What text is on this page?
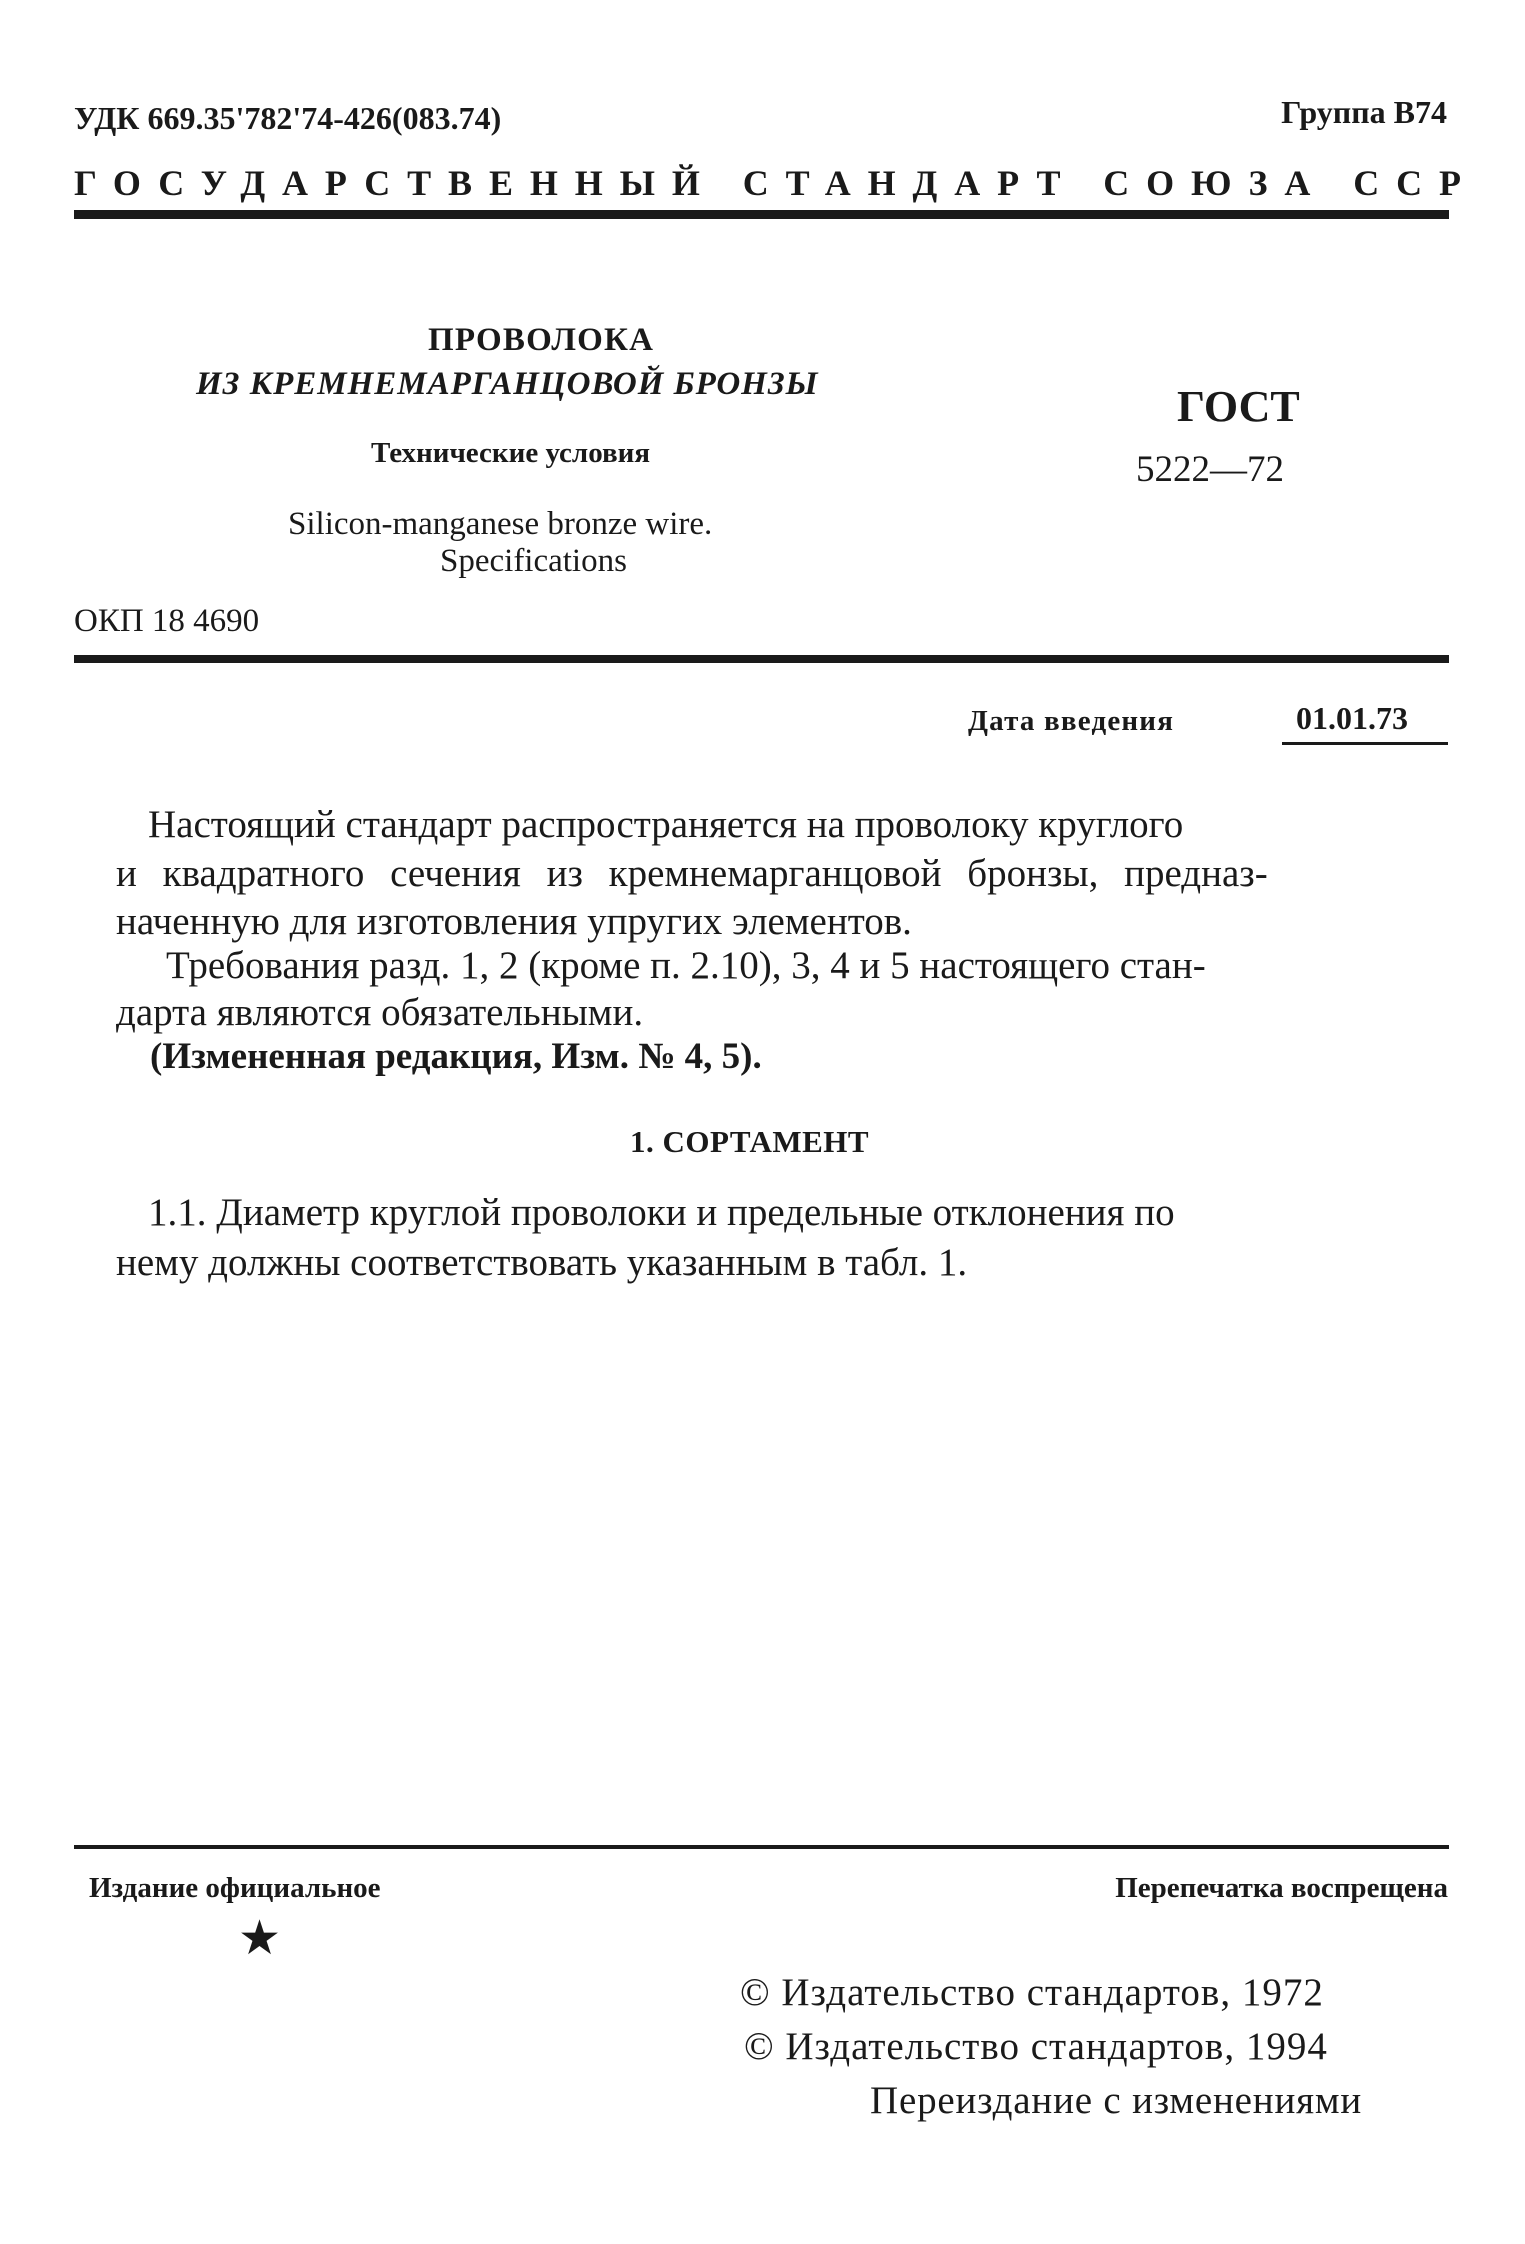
УДК 669.35'782'74-426(083.74)	Группа В74
ГОСУДАРСТВЕННЫЙ СТАНДАРТ СОЮЗА ССР
ПРОВОЛОКА
ИЗ КРЕМНЕМАРГАНЦОВОЙ БРОНЗЫ
Технические условия
Silicon-manganese bronze wire.
Specifications
ОКП 18 4690
ГОСТ
5222—72
Дата введения	01.01.73
Настоящий стандарт распространяется на проволоку круглого
и квадратного сечения из кремнемарганцовой бронзы, предназ-
наченную для изготовления упругих элементов.
Требования разд. 1, 2 (кроме п. 2.10), 3, 4 и 5 настоящего стан-
дарта являются обязательными.
(Измененная редакция, Изм. № 4, 5).
1. СОРТАМЕНТ
1.1. Диаметр круглой проволоки и предельные отклонения по
нему должны соответствовать указанным в табл. 1.
Издание официальное	Перепечатка воспрещена
★
© Издательство стандартов, 1972
© Издательство стандартов, 1994
Переиздание с изменениями
